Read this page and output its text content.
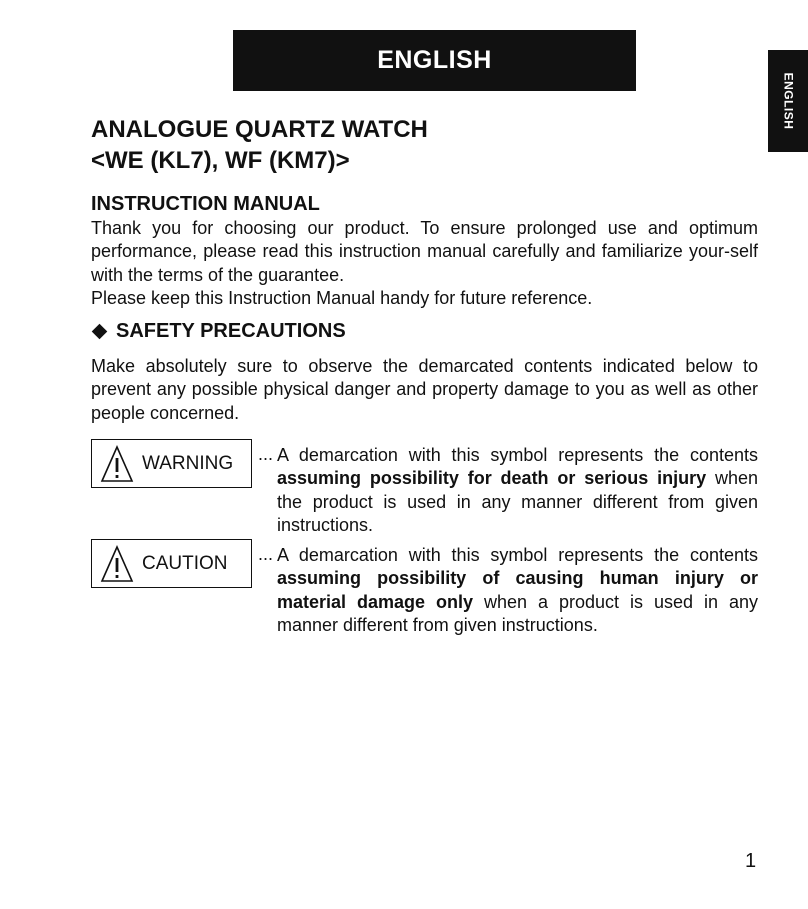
ENGLISH
ENGLISH
ANALOGUE QUARTZ WATCH
<WE (KL7), WF (KM7)>
INSTRUCTION MANUAL

Thank you for choosing our product. To ensure prolonged use and optimum performance, please read this instruction manual carefully and familiarize your-self with the terms of the guarantee.

Please keep this Instruction Manual handy for future reference.

SAFETY PRECAUTIONS

Make absolutely sure to observe the demarcated contents indicated below to prevent any possible physical danger and property damage to you as well as other people concerned.

WARNING ... A demarcation with this symbol represents the contents assuming possibility for death or serious injury when the product is used in any manner different from given instructions.

CAUTION ... A demarcation with this symbol represents the contents assuming possibility of causing human injury or material damage only when a product is used in any manner different from given instructions.

1
